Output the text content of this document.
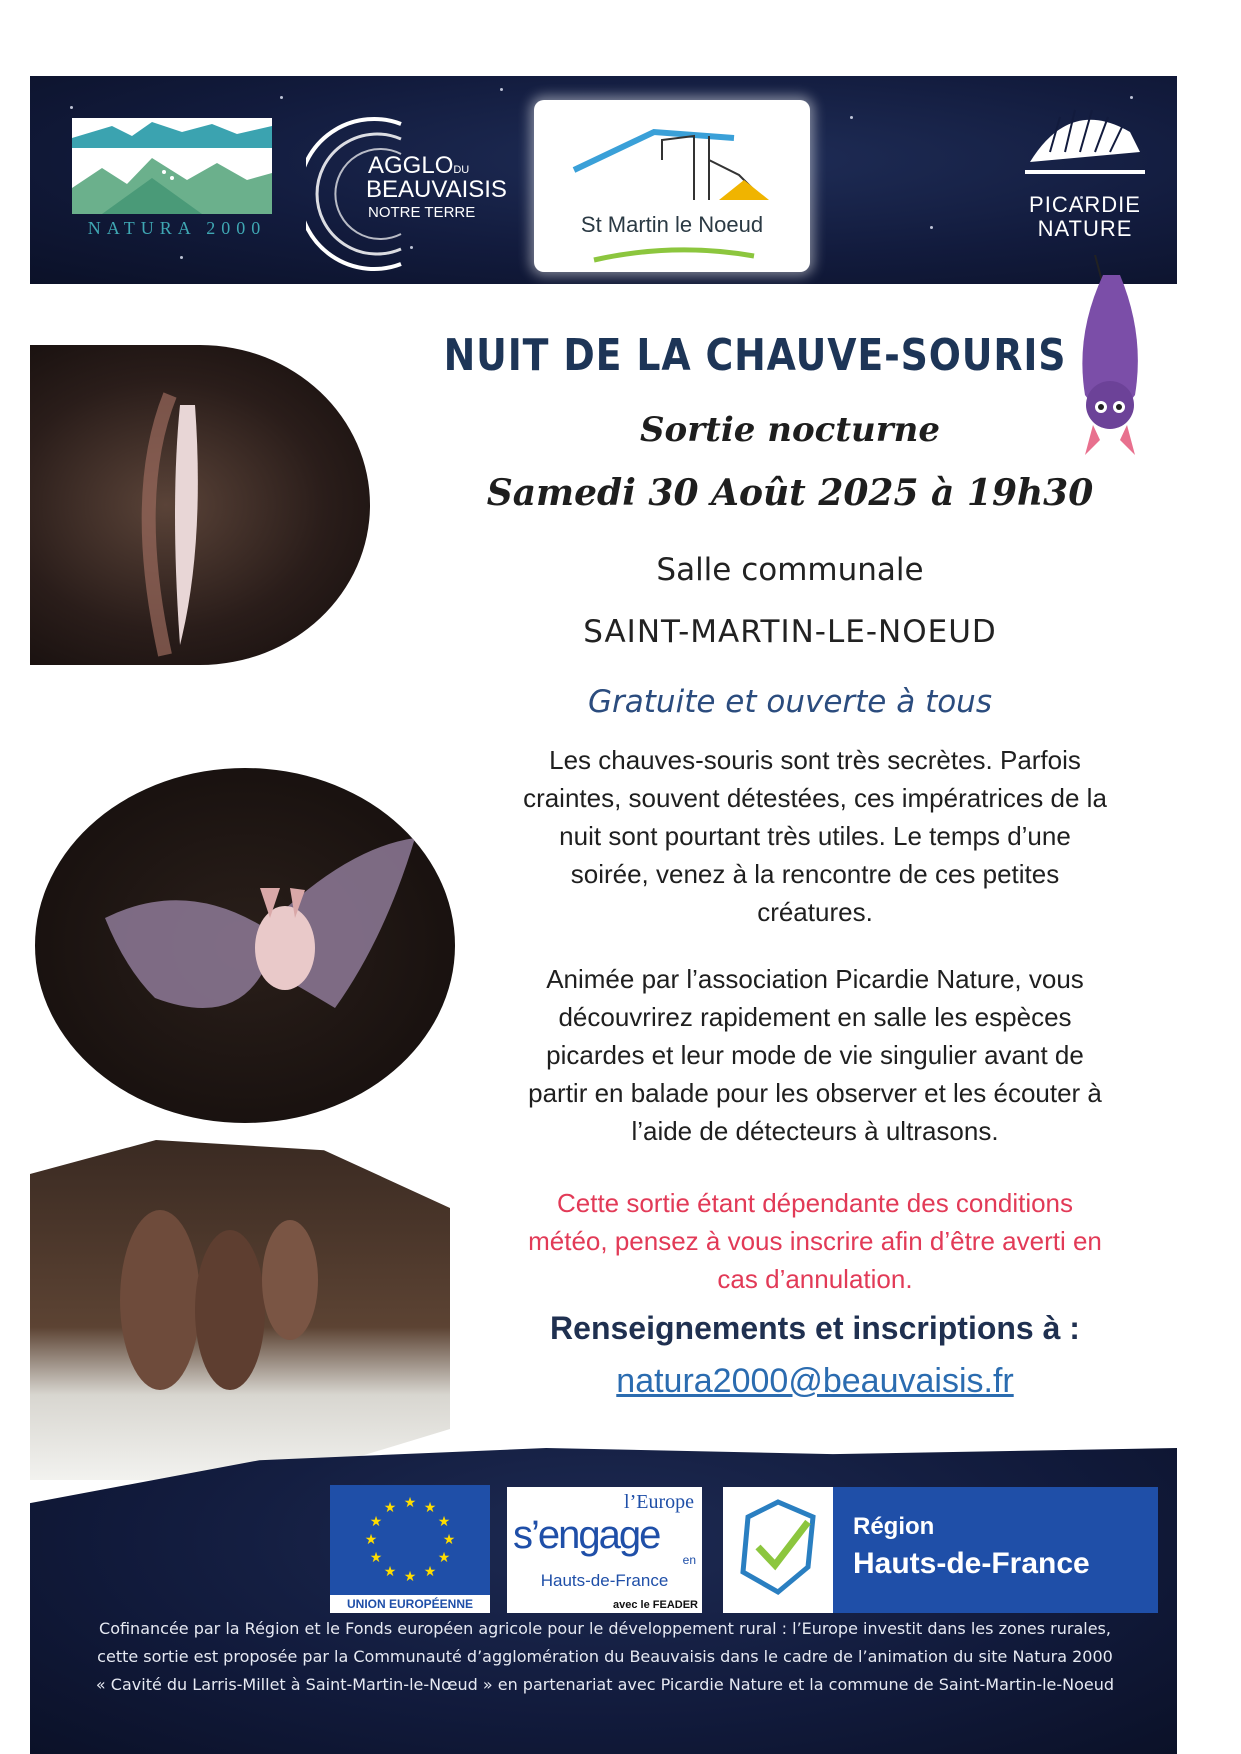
NATURA 2000
AGGLODU
BEAUVAISIS
NOTRE TERRE	St Martin le Noeud
PICARDIE
NATURE
NUIT DE LA CHAUVE-SOURIS
Sortie nocturne
Samedi 30 Août 2025 à 19h30
Salle communale
SAINT-MARTIN-LE-NOEUD
Gratuite et ouverte à tous
Les chauves-souris sont très secrètes. Parfois
craintes, souvent détestées, ces impératrices de la
nuit sont pourtant très utiles. Le temps d’une
soirée, venez à la rencontre de ces petites
créatures.
Animée par l’association Picardie Nature, vous
découvrirez rapidement en salle les espèces
picardes et leur mode de vie singulier avant de
partir en balade pour les observer et les écouter à
l’aide de détecteurs à ultrasons.
Cette sortie étant dépendante des conditions
météo, pensez à vous inscrire afin d’être averti en
cas d’annulation.
Renseignements et inscriptions à :
natura2000@beauvaisis.fr
★ ★
★
★
★
★
★
★
★
★
★
★
UNION EUROPÉENNE
l’Europe
s’engage
en
Hauts-de-France
avec le FEADER
Région
Hauts-de-France
Cofinancée par la Région et le Fonds européen agricole pour le développement rural : l’Europe investit dans les zones rurales,
cette sortie est proposée par la Communauté d’agglomération du Beauvaisis dans le cadre de l’animation du site Natura 2000
« Cavité du Larris-Millet à Saint-Martin-le-Nœud » en partenariat avec Picardie Nature et la commune de Saint-Martin-le-Noeud
